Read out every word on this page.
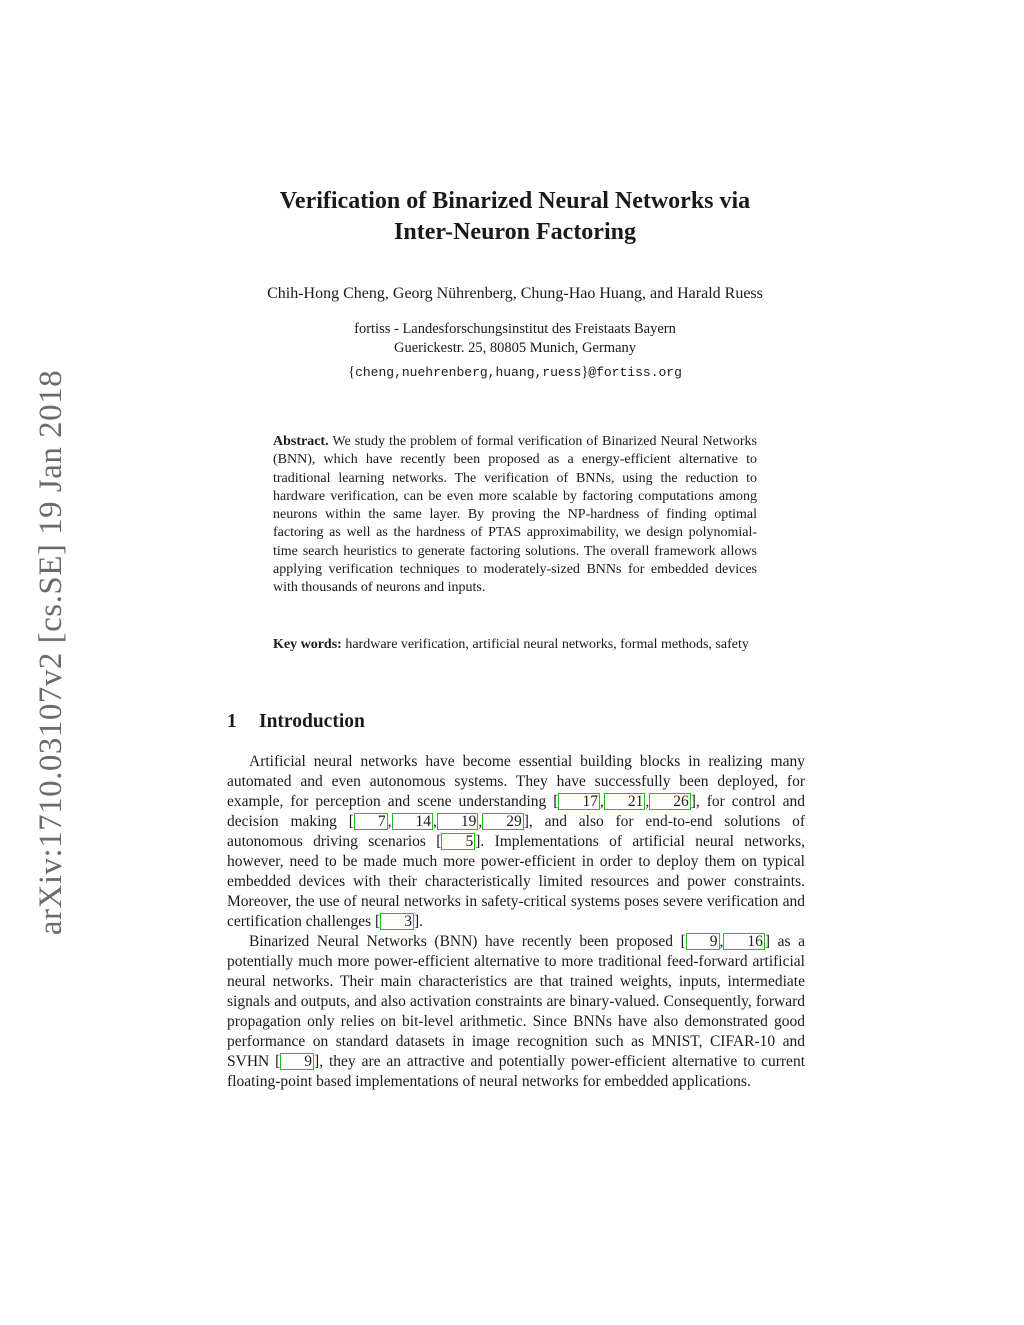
arXiv:1710.03107v2 [cs.SE] 19 Jan 2018
Verification of Binarized Neural Networks via
Inter-Neuron Factoring
Chih-Hong Cheng, Georg Nührenberg, Chung-Hao Huang, and Harald Ruess
fortiss - Landesforschungsinstitut des Freistaats Bayern
Guerickestr. 25, 80805 Munich, Germany
{cheng,nuehrenberg,huang,ruess}@fortiss.org
Abstract. We study the problem of formal verification of Binarized Neural Networks (BNN), which have recently been proposed as a energy-efficient alternative to traditional learning networks. The verification of BNNs, using the reduction to hardware verification, can be even more scalable by factoring computations among neurons within the same layer. By proving the NP-hardness of finding optimal factoring as well as the hardness of PTAS approximability, we design polynomial-time search heuristics to generate factoring solutions. The overall framework allows applying verification techniques to moderately-sized BNNs for embedded devices with thousands of neurons and inputs.
Key words: hardware verification, artificial neural networks, formal methods, safety
1 Introduction

Artificial neural networks have become essential building blocks in realizing many automated and even autonomous systems. They have successfully been deployed, for example, for perception and scene understanding [ 17 , 21 , 26 ], for control and decision making [ 7 , 14 , 19 , 29 ], and also for end-to-end solutions of autonomous driving scenarios [ 5 ]. Implementations of artificial neural networks, however, need to be made much more power-efficient in order to deploy them on typical embedded devices with their characteristically limited resources and power constraints. Moreover, the use of neural networks in safety-critical systems poses severe verification and certification challenges [ 3 ].

Binarized Neural Networks (BNN) have recently been proposed [ 9 , 16 ] as a potentially much more power-efficient alternative to more traditional feed-forward artificial neural networks. Their main characteristics are that trained weights, inputs, intermediate signals and outputs, and also activation constraints are binary-valued. Consequently, forward propagation only relies on bit-level arithmetic. Since BNNs have also demonstrated good performance on standard datasets in image recognition such as MNIST, CIFAR-10 and SVHN [ 9 ], they are an attractive and potentially power-efficient alternative to current floating-point based implementations of neural networks for embedded applications.
